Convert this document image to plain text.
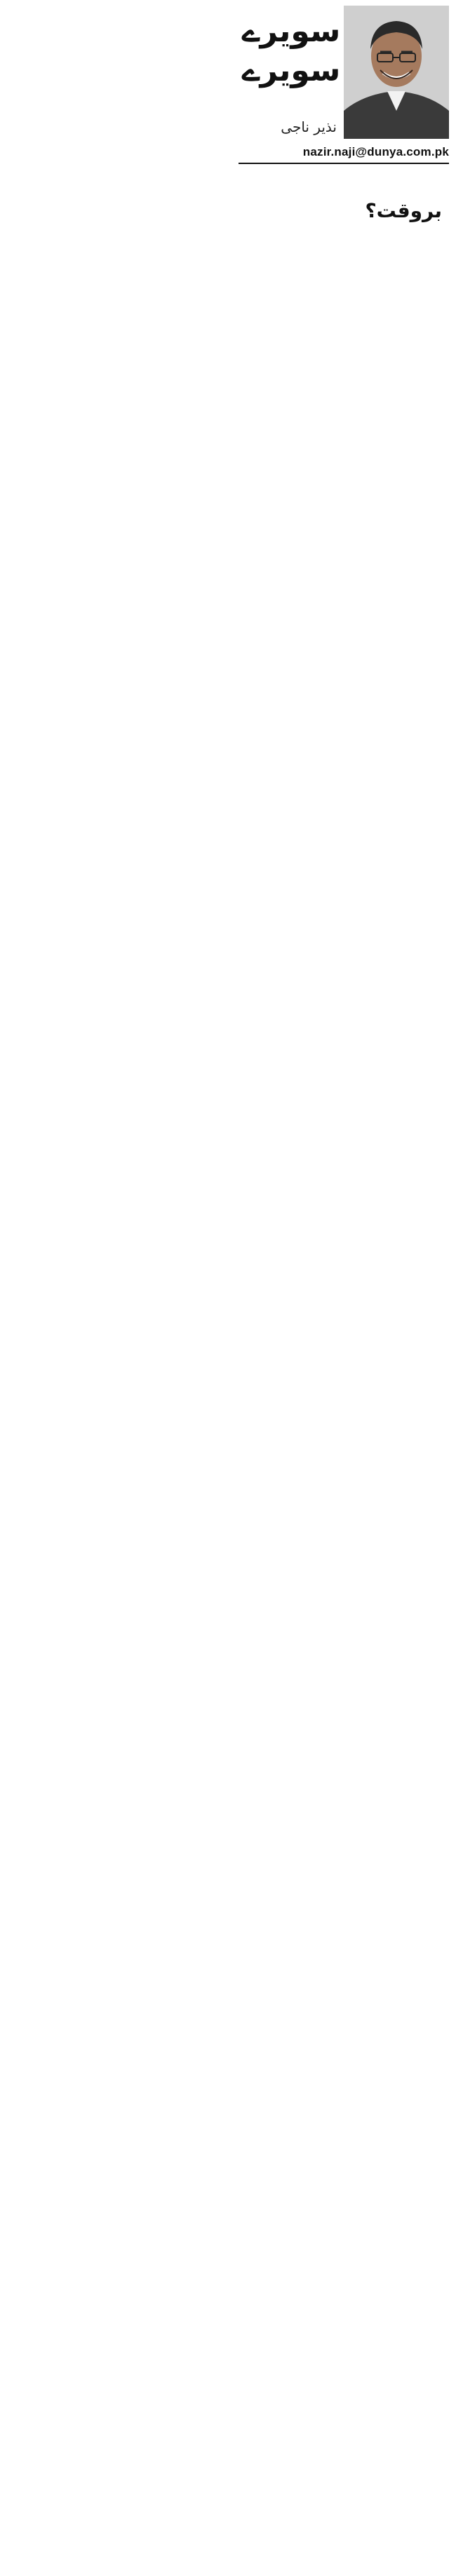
سویرے
سویرے
نذیر ناجی
nazir.naji@dunya.com.pk
بروقت؟
